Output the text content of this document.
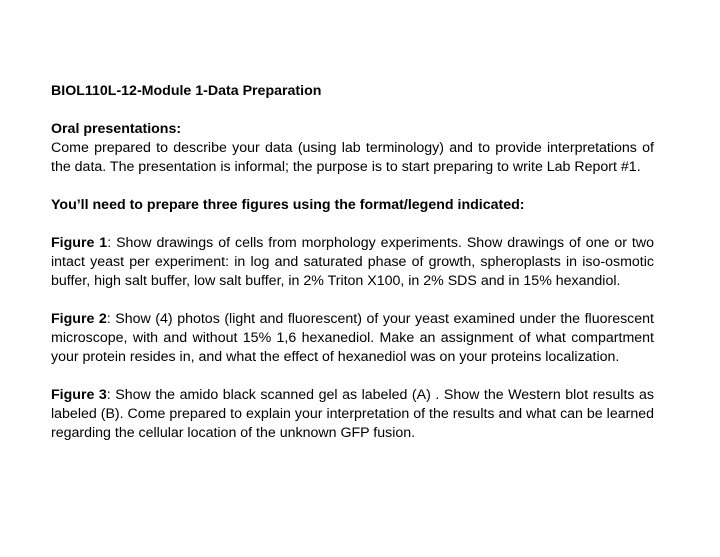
BIOL110L-12-Module 1-Data Preparation

Oral presentations:

Come prepared to describe your data (using lab terminology) and to provide interpretations of the data. The presentation is informal; the purpose is to start preparing to write Lab Report #1.

You’ll need to prepare three figures using the format/legend indicated:

Figure 1: Show drawings of cells from morphology experiments. Show drawings of one or two intact yeast per experiment: in log and saturated phase of growth, spheroplasts in iso-osmotic buffer, high salt buffer, low salt buffer, in 2% Triton X100, in 2% SDS and in 15% hexandiol.

Figure 2: Show (4) photos (light and fluorescent) of your yeast examined under the fluorescent microscope, with and without 15% 1,6 hexanediol. Make an assignment of what compartment your protein resides in, and what the effect of hexanediol was on your proteins localization.

Figure 3: Show the amido black scanned gel as labeled (A) . Show the Western blot results as labeled (B). Come prepared to explain your interpretation of the results and what can be learned regarding the cellular location of the unknown GFP fusion.
